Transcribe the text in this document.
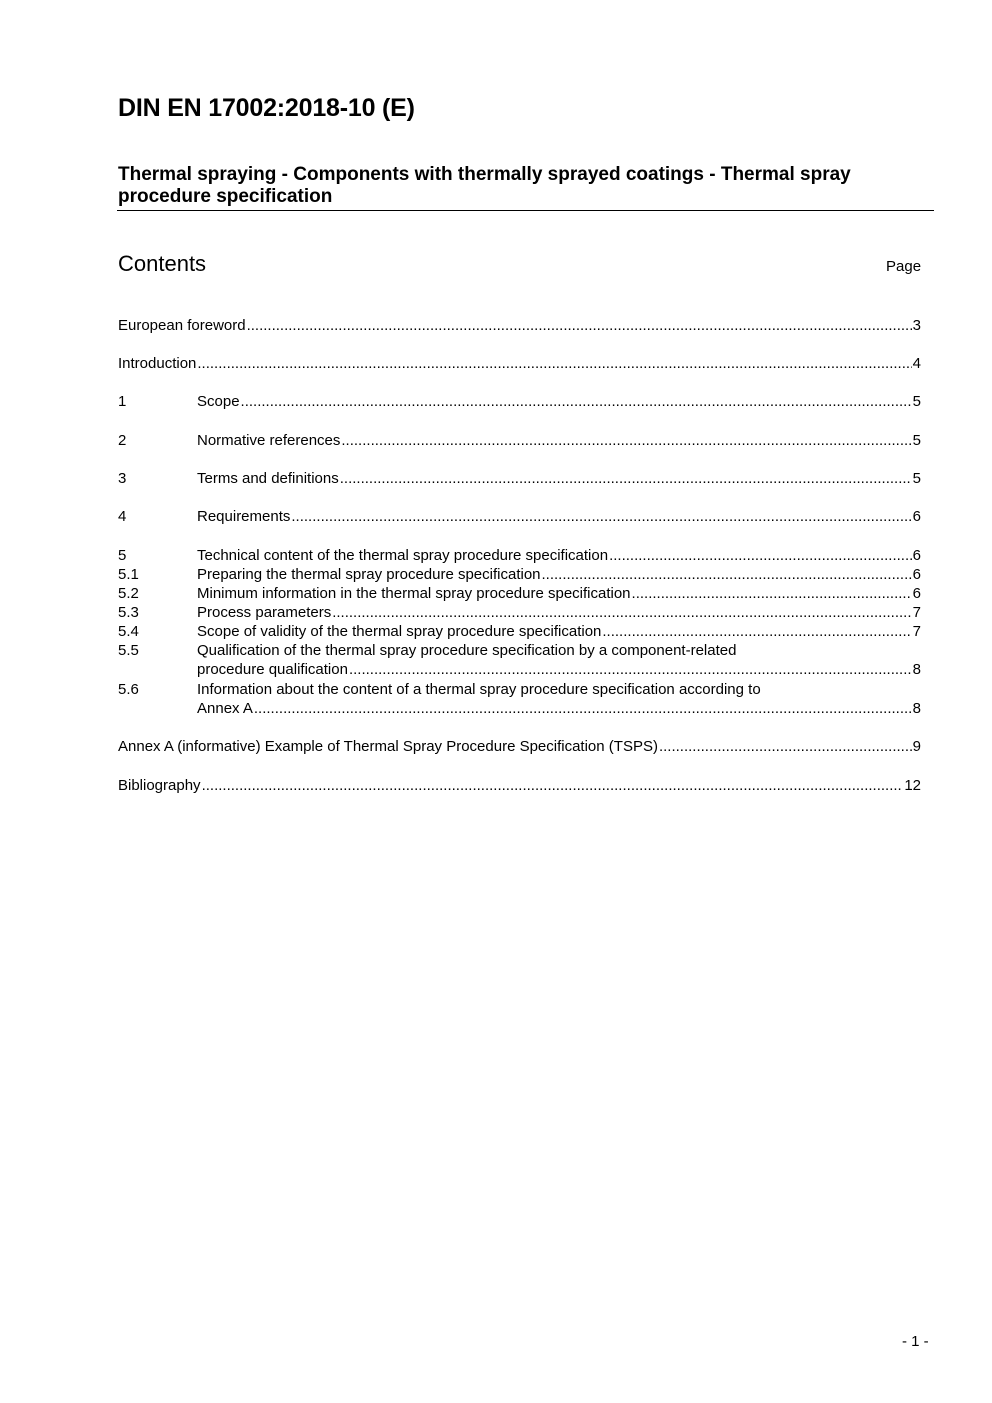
DIN EN 17002:2018-10 (E)
Thermal spraying - Components with thermally sprayed coatings - Thermal spray procedure specification
Contents	Page
European foreword .....	3
Introduction .....	4
1	Scope .....	5
2	Normative references .....	5
3	Terms and definitions .....	5
4	Requirements .....	6
5	Technical content of the thermal spray procedure specification .....	6
5.1	Preparing the thermal spray procedure specification .....	6
5.2	Minimum information in the thermal spray procedure specification .....	6
5.3	Process parameters .....	7
5.4	Scope of validity of the thermal spray procedure specification .....	7
5.5	Qualification of the thermal spray procedure specification by a component-related
procedure qualification .....	8
5.6	Information about the content of a thermal spray procedure specification according to
Annex A .....	8
Annex A (informative) Example of Thermal Spray Procedure Specification (TSPS) .....	9
Bibliography .....	12
- 1 -
